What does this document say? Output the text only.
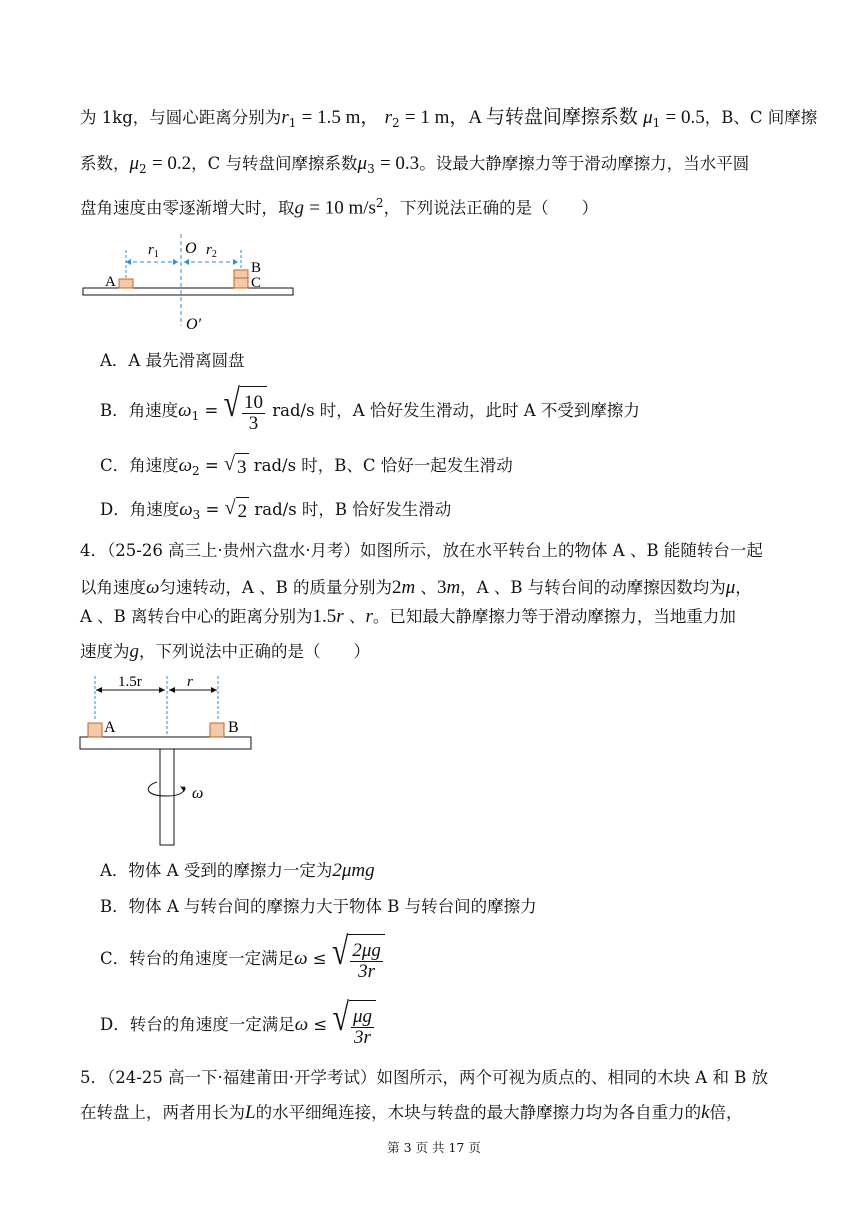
为 1kg，与圆心距离分别为$r_1 = 1.5$ m， $r_2 = 1$ m，A 与转盘间摩擦系数 $\mu_1 = 0.5$，B、C 间摩擦
系数，$\mu_2 = 0.2$，C 与转盘间摩擦系数$\mu_3 = 0.3$。设最大静摩擦力等于滑动摩擦力，当水平圆
盘角速度由零逐渐增大时，取g = 10 $m/s^2$，下列说法正确的是（　　）
$r_1$ O $r_2$
A
B
C
O′
A．A 最先滑离圆盘
B．角速度$\omega_1$ = √ $\frac{10}{3} rad/s$ 时，A 恰好发生滑动，此时 A 不受到摩擦力
C．角速度$\omega_2$ = √ 3 rad/s 时，B、C 恰好一起发生滑动
D．角速度$\omega_3$ = √ 2 rad/s 时，B 恰好发生滑动
4．（25-26 高三上·贵州六盘水·月考）如图所示，放在水平转台上的物体 A 、B 能随转台一起
以角速度ω匀速转动，A 、B 的质量分别为2m 、3m，A 、B 与转台间的动摩擦因数均为μ，
A 、B 离转台中心的距离分别为1.5r 、r。已知最大静摩擦力等于滑动摩擦力，当地重力加
速度为g，下列说法中正确的是（　　）
1.5r	r
A	B
ω
A．物体 A 受到的摩擦力一定为2μmg
B．物体 A 与转台间的摩擦力大于物体 B 与转台间的摩擦力
C．转台的角速度一定满足ω ≤ √ $\frac{2\mu g}{3r}$
D．转台的角速度一定满足ω ≤ √ $\frac{\mu g}{3r}$
5．（24-25 高一下·福建莆田·开学考试）如图所示，两个可视为质点的、相同的木块 A 和 B 放
在转盘上，两者用长为L的水平细绳连接，木块与转盘的最大静摩擦力均为各自重力的k倍，
第 3 页 共 17 页
